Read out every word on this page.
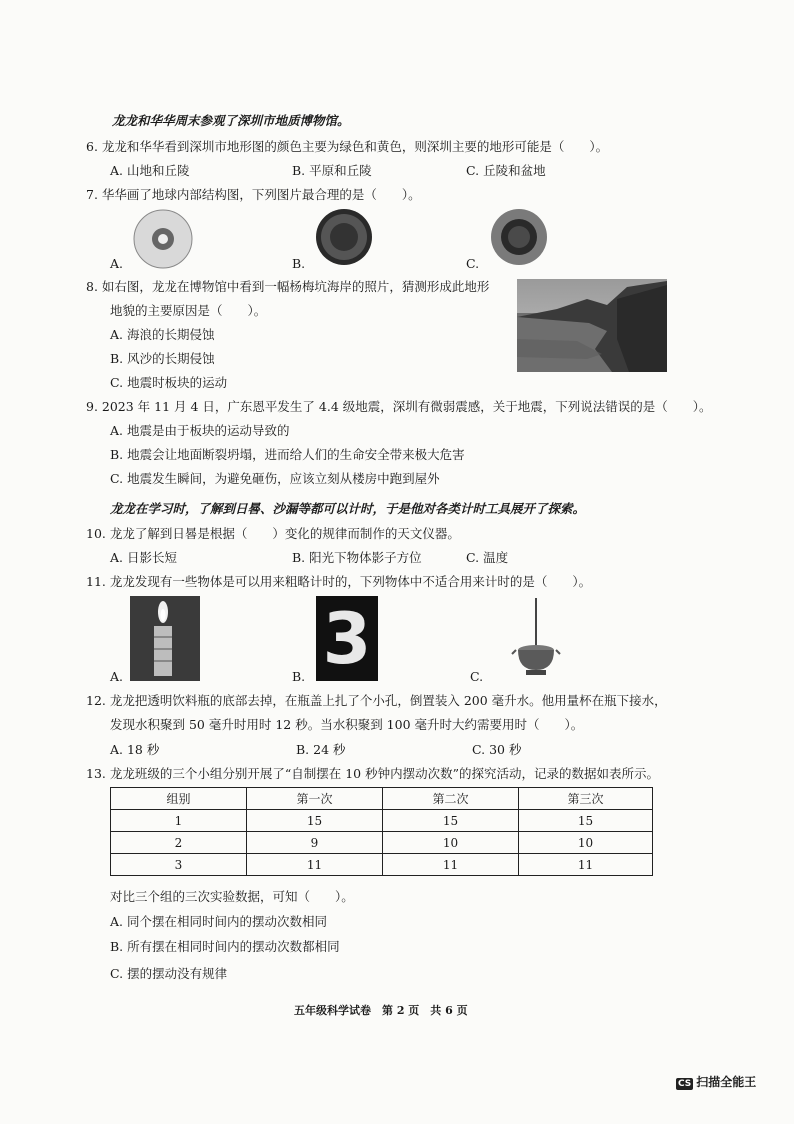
龙龙和华华周末参观了深圳市地质博物馆。
6. 龙龙和华华看到深圳市地形图的颜色主要为绿色和黄色，则深圳主要的地形可能是（　　）。
A. 山地和丘陵	B. 平原和丘陵	C. 丘陵和盆地
7. 华华画了地球内部结构图，下列图片最合理的是（　　）。
A.	B.	C.
8. 如右图，龙龙在博物馆中看到一幅杨梅坑海岸的照片，猜测形成此地形
地貌的主要原因是（　　）。
A. 海浪的长期侵蚀
B. 风沙的长期侵蚀
C. 地震时板块的运动
9. 2023 年 11 月 4 日，广东恩平发生了 4.4 级地震，深圳有微弱震感，关于地震，下列说法错误的是（　　）。
A. 地震是由于板块的运动导致的
B. 地震会让地面断裂坍塌，进而给人们的生命安全带来极大危害
C. 地震发生瞬间，为避免砸伤，应该立刻从楼房中跑到屋外
龙龙在学习时，了解到日晷、沙漏等都可以计时，于是他对各类计时工具展开了探索。
10. 龙龙了解到日晷是根据（　　）变化的规律而制作的天文仪器。
A. 日影长短	B. 阳光下物体影子方位	C. 温度
11. 龙龙发现有一些物体是可以用来粗略计时的，下列物体中不适合用来计时的是（　　）。
A.	B.	C.
3
12. 龙龙把透明饮料瓶的底部去掉，在瓶盖上扎了个小孔，倒置装入 200 毫升水。他用量杯在瓶下接水，
发现水积聚到 50 毫升时用时 12 秒。当水积聚到 100 毫升时大约需要用时（　　）。
A. 18 秒	B. 24 秒	C. 30 秒
13. 龙龙班级的三个小组分别开展了“自制摆在 10 秒钟内摆动次数”的探究活动，记录的数据如表所示。
组别	第一次	第二次	第三次
1	15	15	15
2	9	10	10
3	11	11	11
对比三个组的三次实验数据，可知（　　）。
A. 同个摆在相同时间内的摆动次数相同
B. 所有摆在相同时间内的摆动次数都相同
C. 摆的摆动没有规律
五年级科学试卷　第 2 页　共 6 页
CS 扫描全能王
